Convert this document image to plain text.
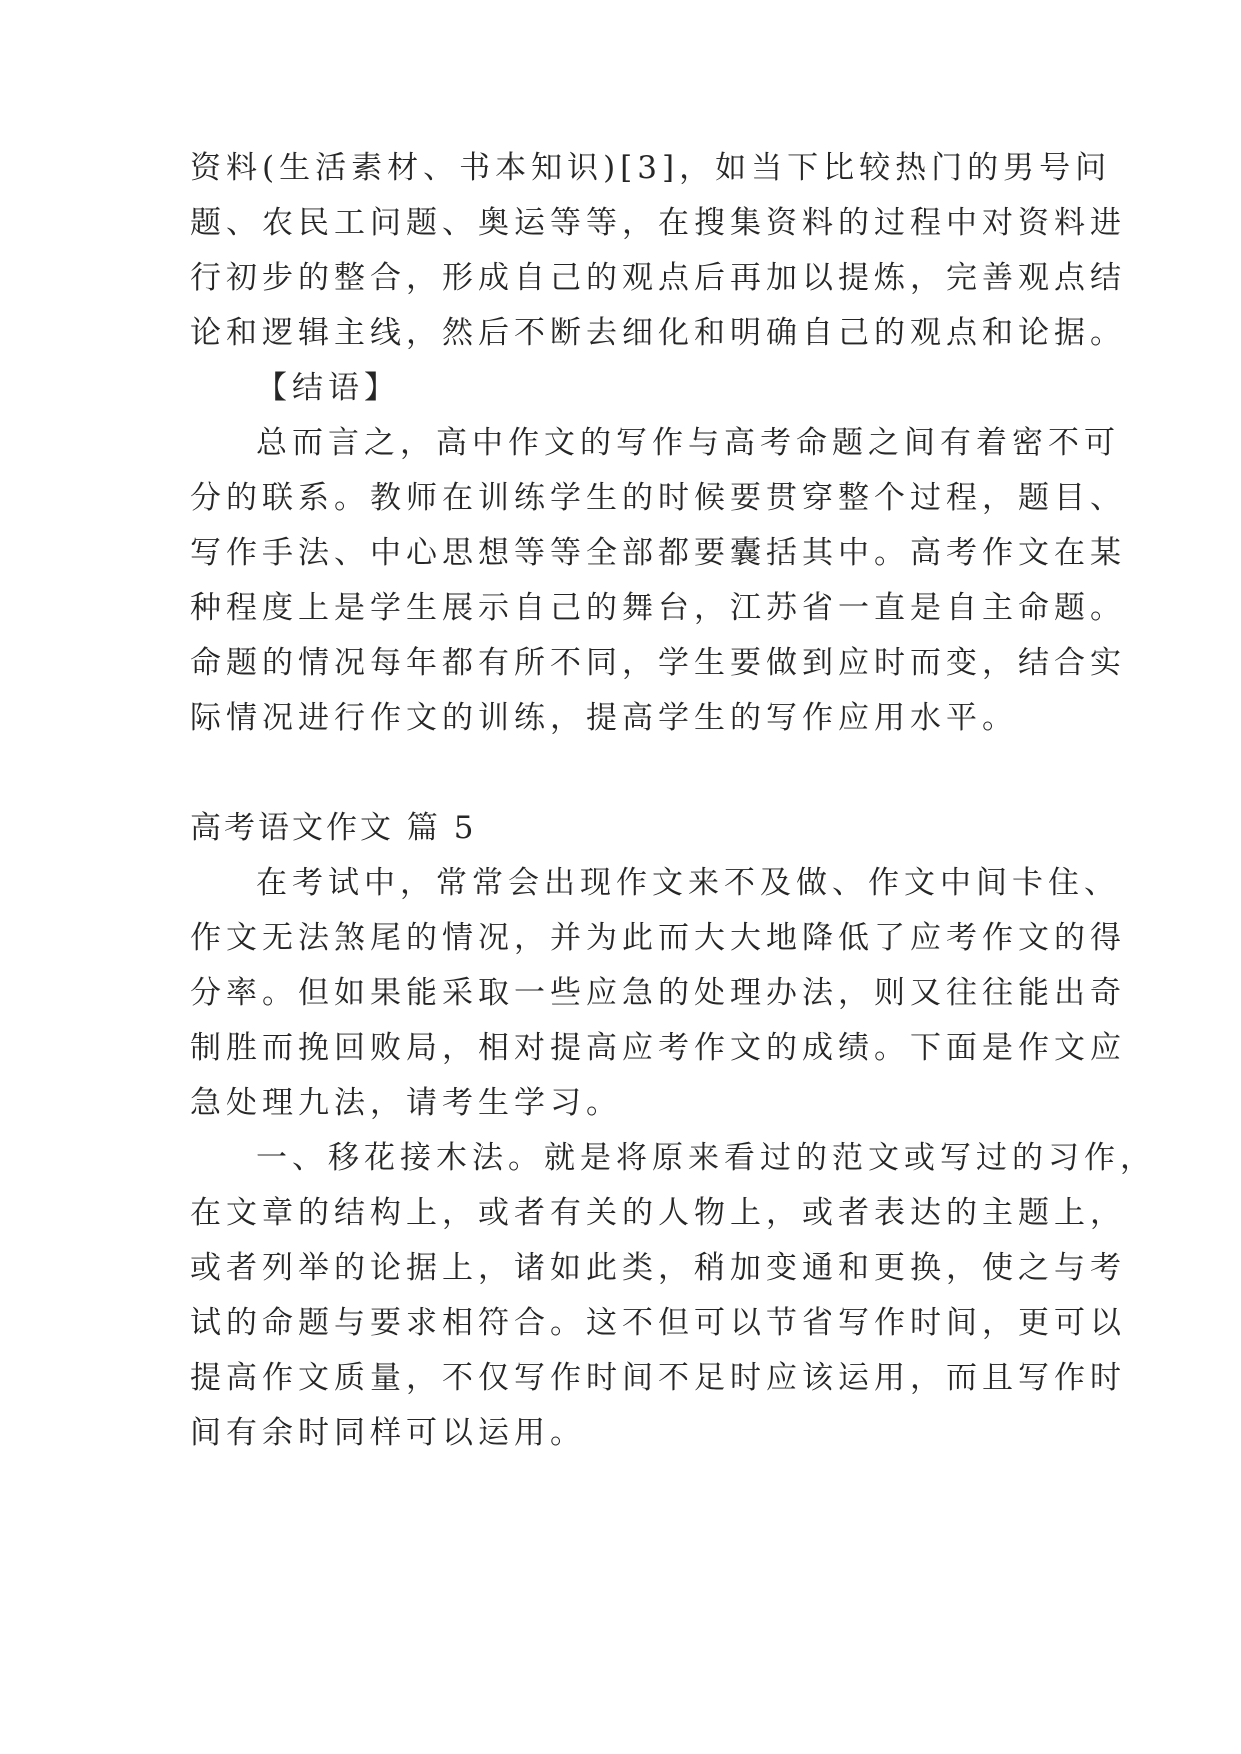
资料(生活素材、书本知识)[3]，如当下比较热门的男号问
题、农民工问题、奥运等等，在搜集资料的过程中对资料进
行初步的整合，形成自己的观点后再加以提炼，完善观点结
论和逻辑主线，然后不断去细化和明确自己的观点和论据。
【结语】
总而言之，高中作文的写作与高考命题之间有着密不可
分的联系。教师在训练学生的时候要贯穿整个过程，题目、
写作手法、中心思想等等全部都要囊括其中。高考作文在某
种程度上是学生展示自己的舞台，江苏省一直是自主命题。
命题的情况每年都有所不同，学生要做到应时而变，结合实
际情况进行作文的训练，提高学生的写作应用水平。
高考语文作文 篇 5
在考试中，常常会出现作文来不及做、作文中间卡住、
作文无法煞尾的情况，并为此而大大地降低了应考作文的得
分率。但如果能采取一些应急的处理办法，则又往往能出奇
制胜而挽回败局，相对提高应考作文的成绩。下面是作文应
急处理九法，请考生学习。
一、移花接木法。就是将原来看过的范文或写过的习作，
在文章的结构上，或者有关的人物上，或者表达的主题上，
或者列举的论据上，诸如此类，稍加变通和更换，使之与考
试的命题与要求相符合。这不但可以节省写作时间，更可以
提高作文质量，不仅写作时间不足时应该运用，而且写作时
间有余时同样可以运用。
